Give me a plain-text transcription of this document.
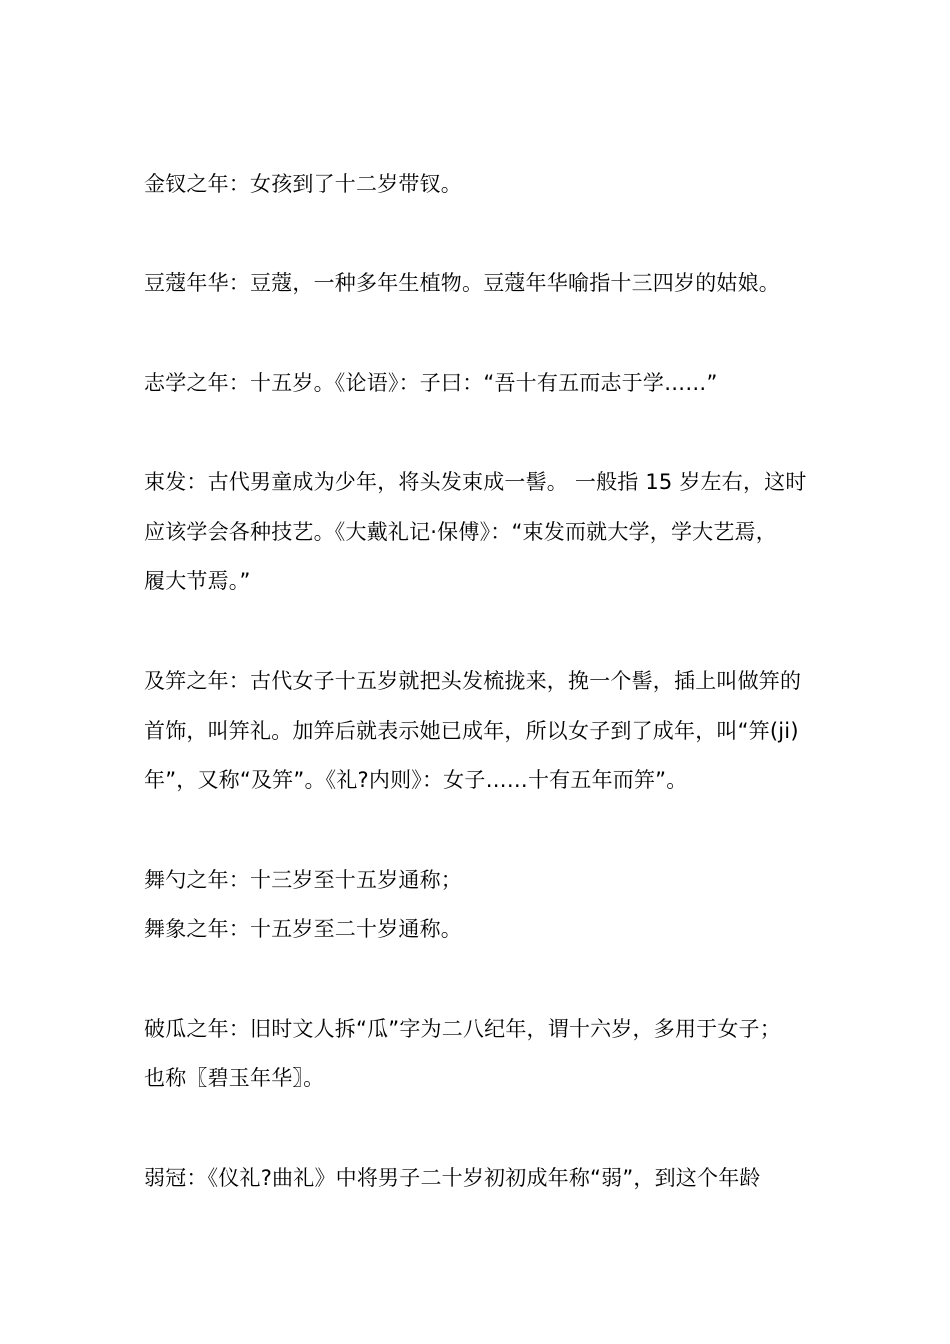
金钗之年：女孩到了十二岁带钗。
豆蔻年华：豆蔻，一种多年生植物。豆蔻年华喻指十三四岁的姑娘。
志学之年：十五岁。《论语》：子曰：“吾十有五而志于学……”
束发：古代男童成为少年，将头发束成一髻。 一般指 15 岁左右，这时
应该学会各种技艺。《大戴礼记·保傅》：“束发而就大学，学大艺焉，
履大节焉。”
及笄之年：古代女子十五岁就把头发梳拢来，挽一个髻，插上叫做笄的
首饰，叫笄礼。加笄后就表示她已成年，所以女子到了成年，叫“笄(ji)
年”，又称“及笄”。《礼?内则》：女子……十有五年而笄”。
舞勺之年：十三岁至十五岁通称；
舞象之年：十五岁至二十岁通称。
破瓜之年：旧时文人拆“瓜”字为二八纪年，谓十六岁，多用于女子；
也称〖碧玉年华〗。
弱冠：《仪礼?曲礼》中将男子二十岁初初成年称“弱”，到这个年龄
